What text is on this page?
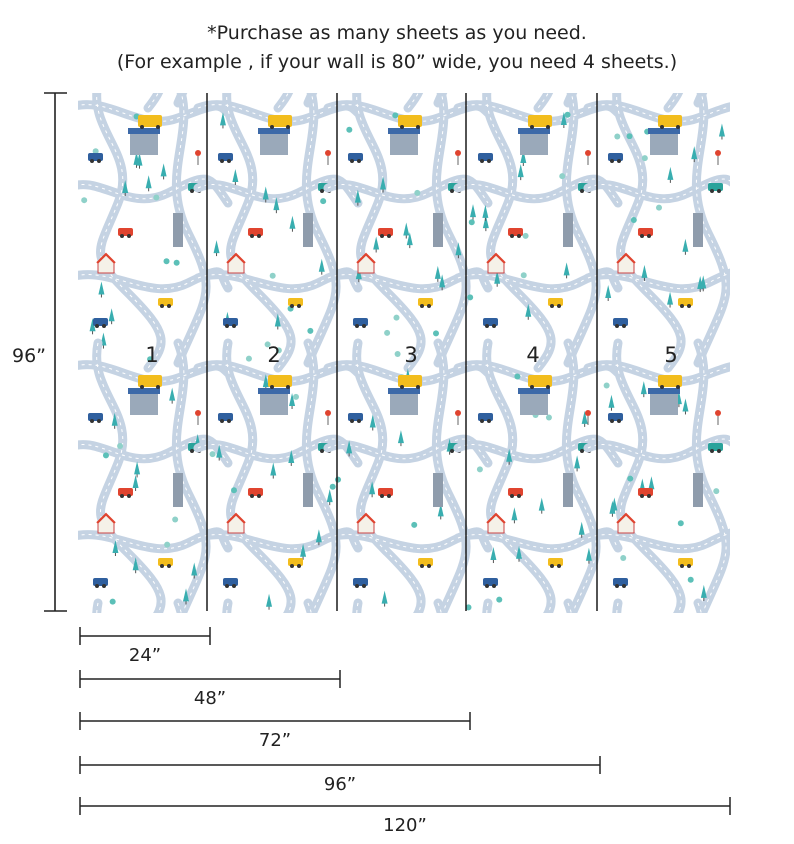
*Purchase as many sheets as you need.
(For example , if your wall is 80” wide, you need 4 sheets.)
1	2	3	4	5
96”
24”
48”
72”
96”
120”
